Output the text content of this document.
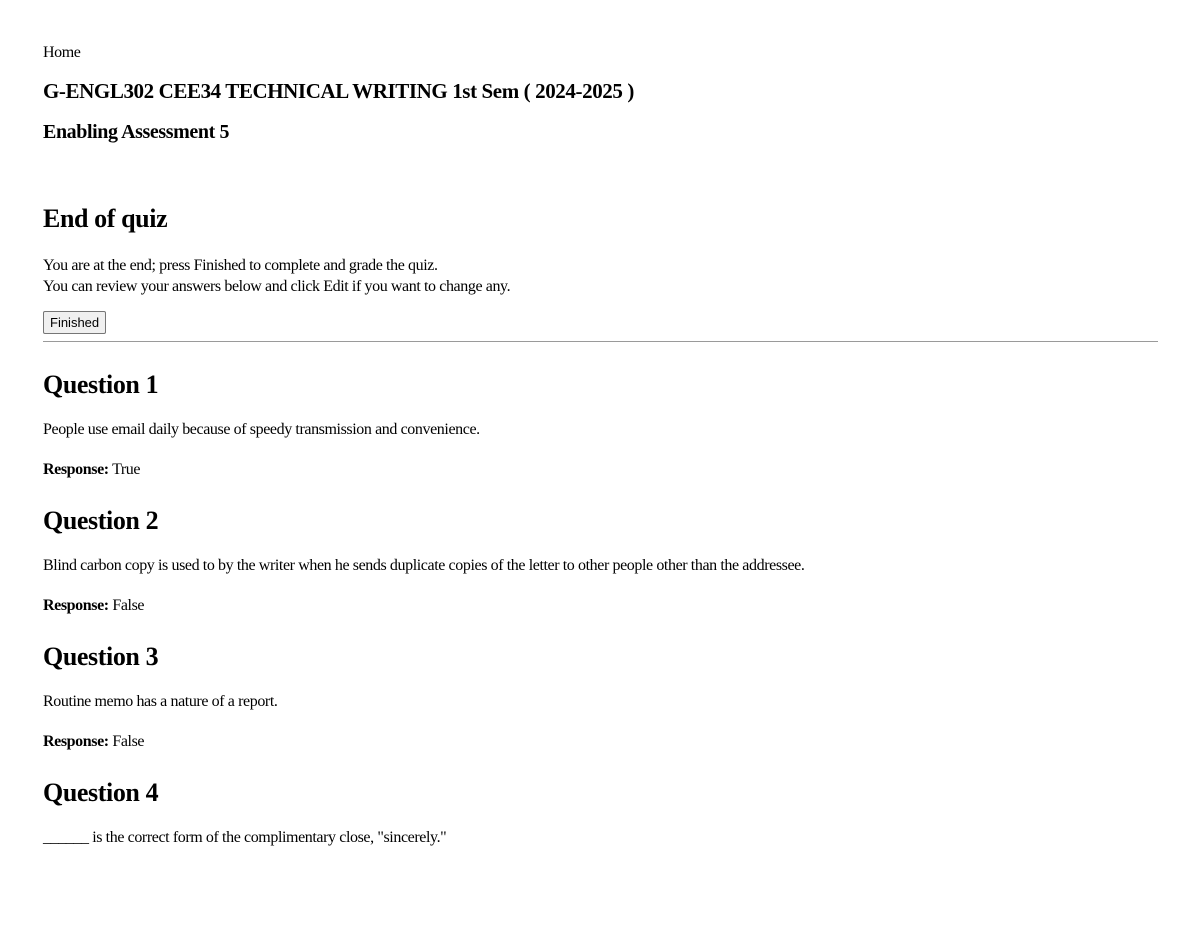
Home
G-ENGL302 CEE34 TECHNICAL WRITING 1st Sem ( 2024-2025 )
Enabling Assessment 5
End of quiz

You are at the end; press Finished to complete and grade the quiz.
You can review your answers below and click Edit if you want to change any.

Finished
Question 1

People use email daily because of speedy transmission and convenience.

Response: True

Question 2

Blind carbon copy is used to by the writer when he sends duplicate copies of the letter to other people other than the addressee.

Response: False

Question 3

Routine memo has a nature of a report.

Response: False

Question 4

______ is the correct form of the complimentary close, "sincerely."
